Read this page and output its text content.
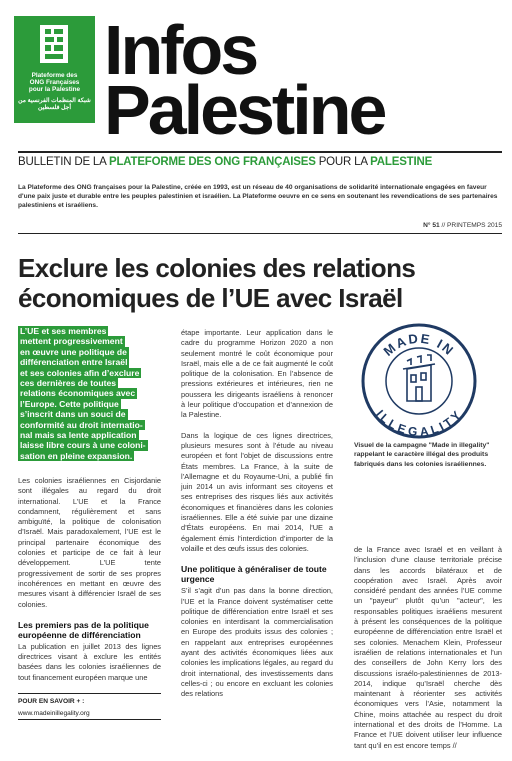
Plateforme des
ONG Françaises
pour la Palestine
شبكة المنظمات الفرنسية من أجل فلسطين
Infos
Palestine
BULLETIN DE LA PLATEFORME DES ONG FRANÇAISES POUR LA PALESTINE
La Plateforme des ONG françaises pour la Palestine, créée en 1993, est un réseau de 40 organisations de solidarité internationale engagées en faveur d'une paix juste et durable entre les peuples palestinien et israélien. La Plateforme oeuvre en ce sens en soutenant les revendications de ses partenaires palestiniens et israéliens.
N° 51 // PRINTEMPS 2015
Exclure les colonies des relations économiques de l’UE avec Israël
L’UE et ses membres
mettent progressivement
en œuvre une politique de
différenciation entre Israël
et ses colonies afin d’exclure
ces dernières de toutes
relations économiques avec
l’Europe. Cette politique
s’inscrit dans un souci de
conformité au droit internatio-
nal mais sa lente application
laisse libre cours à une coloni-
sation en pleine expansion.

Les colonies israéliennes en Cisjordanie sont illégales au regard du droit international. L’UE et la France condamnent, régulièrement et sans ambiguïté, la politique de colonisation d’Israël. Mais paradoxalement, l’UE est le principal partenaire économique des colonies et participe de ce fait à leur développement. L’UE tente progressivement de sortir de ses propres incohérences en mettant en œuvre des mesures visant à différencier Israël de ses colonies.

Les premiers pas de la politique européenne de différenciation

La publication en juillet 2013 des lignes directrices visant à exclure les entités basées dans les colonies israéliennes de tout financement européen marque une

étape importante. Leur application dans le cadre du programme Horizon 2020 a non seulement montré le coût économique pour Israël, mais elle a de ce fait augmenté le coût politique de la colonisation. En l’absence de pressions extérieures et intérieures, rien ne poussera les dirigeants israéliens à renoncer à leur politique d’occupation et d’annexion de la Palestine.

Dans la logique de ces lignes directrices, plusieurs mesures sont à l’étude au niveau européen et font l’objet de discussions entre États membres. La France, à la suite de l’Allemagne et du Royaume-Uni, a publié fin juin 2014 un avis informant ses citoyens et ses entreprises des risques liés aux activités économiques et financières dans les colonies israéliennes. Elle a été suivie par une dizaine d’États européens. En mai 2014, l’UE a également émis l’interdiction d’importer de la volaille et des œufs issus des colonies.

Une politique à généraliser de toute urgence

S’il s’agit d’un pas dans la bonne direction, l’UE et la France doivent systématiser cette politique de différenciation entre Israël et ses colonies en interdisant la commercialisation en Europe des produits issus des colonies ; en rappelant aux entreprises européennes ayant des activités économiques liées aux colonies les implications légales, au regard du droit international, des investissements dans celles-ci ; ou encore en excluant les colonies des relations

MADE IN
ILLEGALITY
Visuel de la campagne "Made in illegality" rappelant le caractère illégal des produits fabriqués dans les colonies israéliennes.

de la France avec Israël et en veillant à l’inclusion d’une clause territoriale précise dans les accords bilatéraux et de coopération avec Israël. Après avoir considéré pendant des années l’UE comme un "payeur" plutôt qu’un "acteur", les responsables politiques israéliens mesurent à présent les conséquences de la politique européenne de différenciation entre Israël et ses colonies. Menachem Klein, Professeur israélien de relations internationales et l’un des conseillers de John Kerry lors des discussions israélo-palestiniennes de 2013-2014, indique qu’Israël cherche dès maintenant à réorienter ses activités économiques vers l’Asie, notamment la Chine, moins attachée au respect du droit international et des droits de l’Homme. La France et l’UE doivent utiliser leur influence tant qu’il en est encore temps //

POUR EN SAVOIR + :
www.madeinillegality.org
